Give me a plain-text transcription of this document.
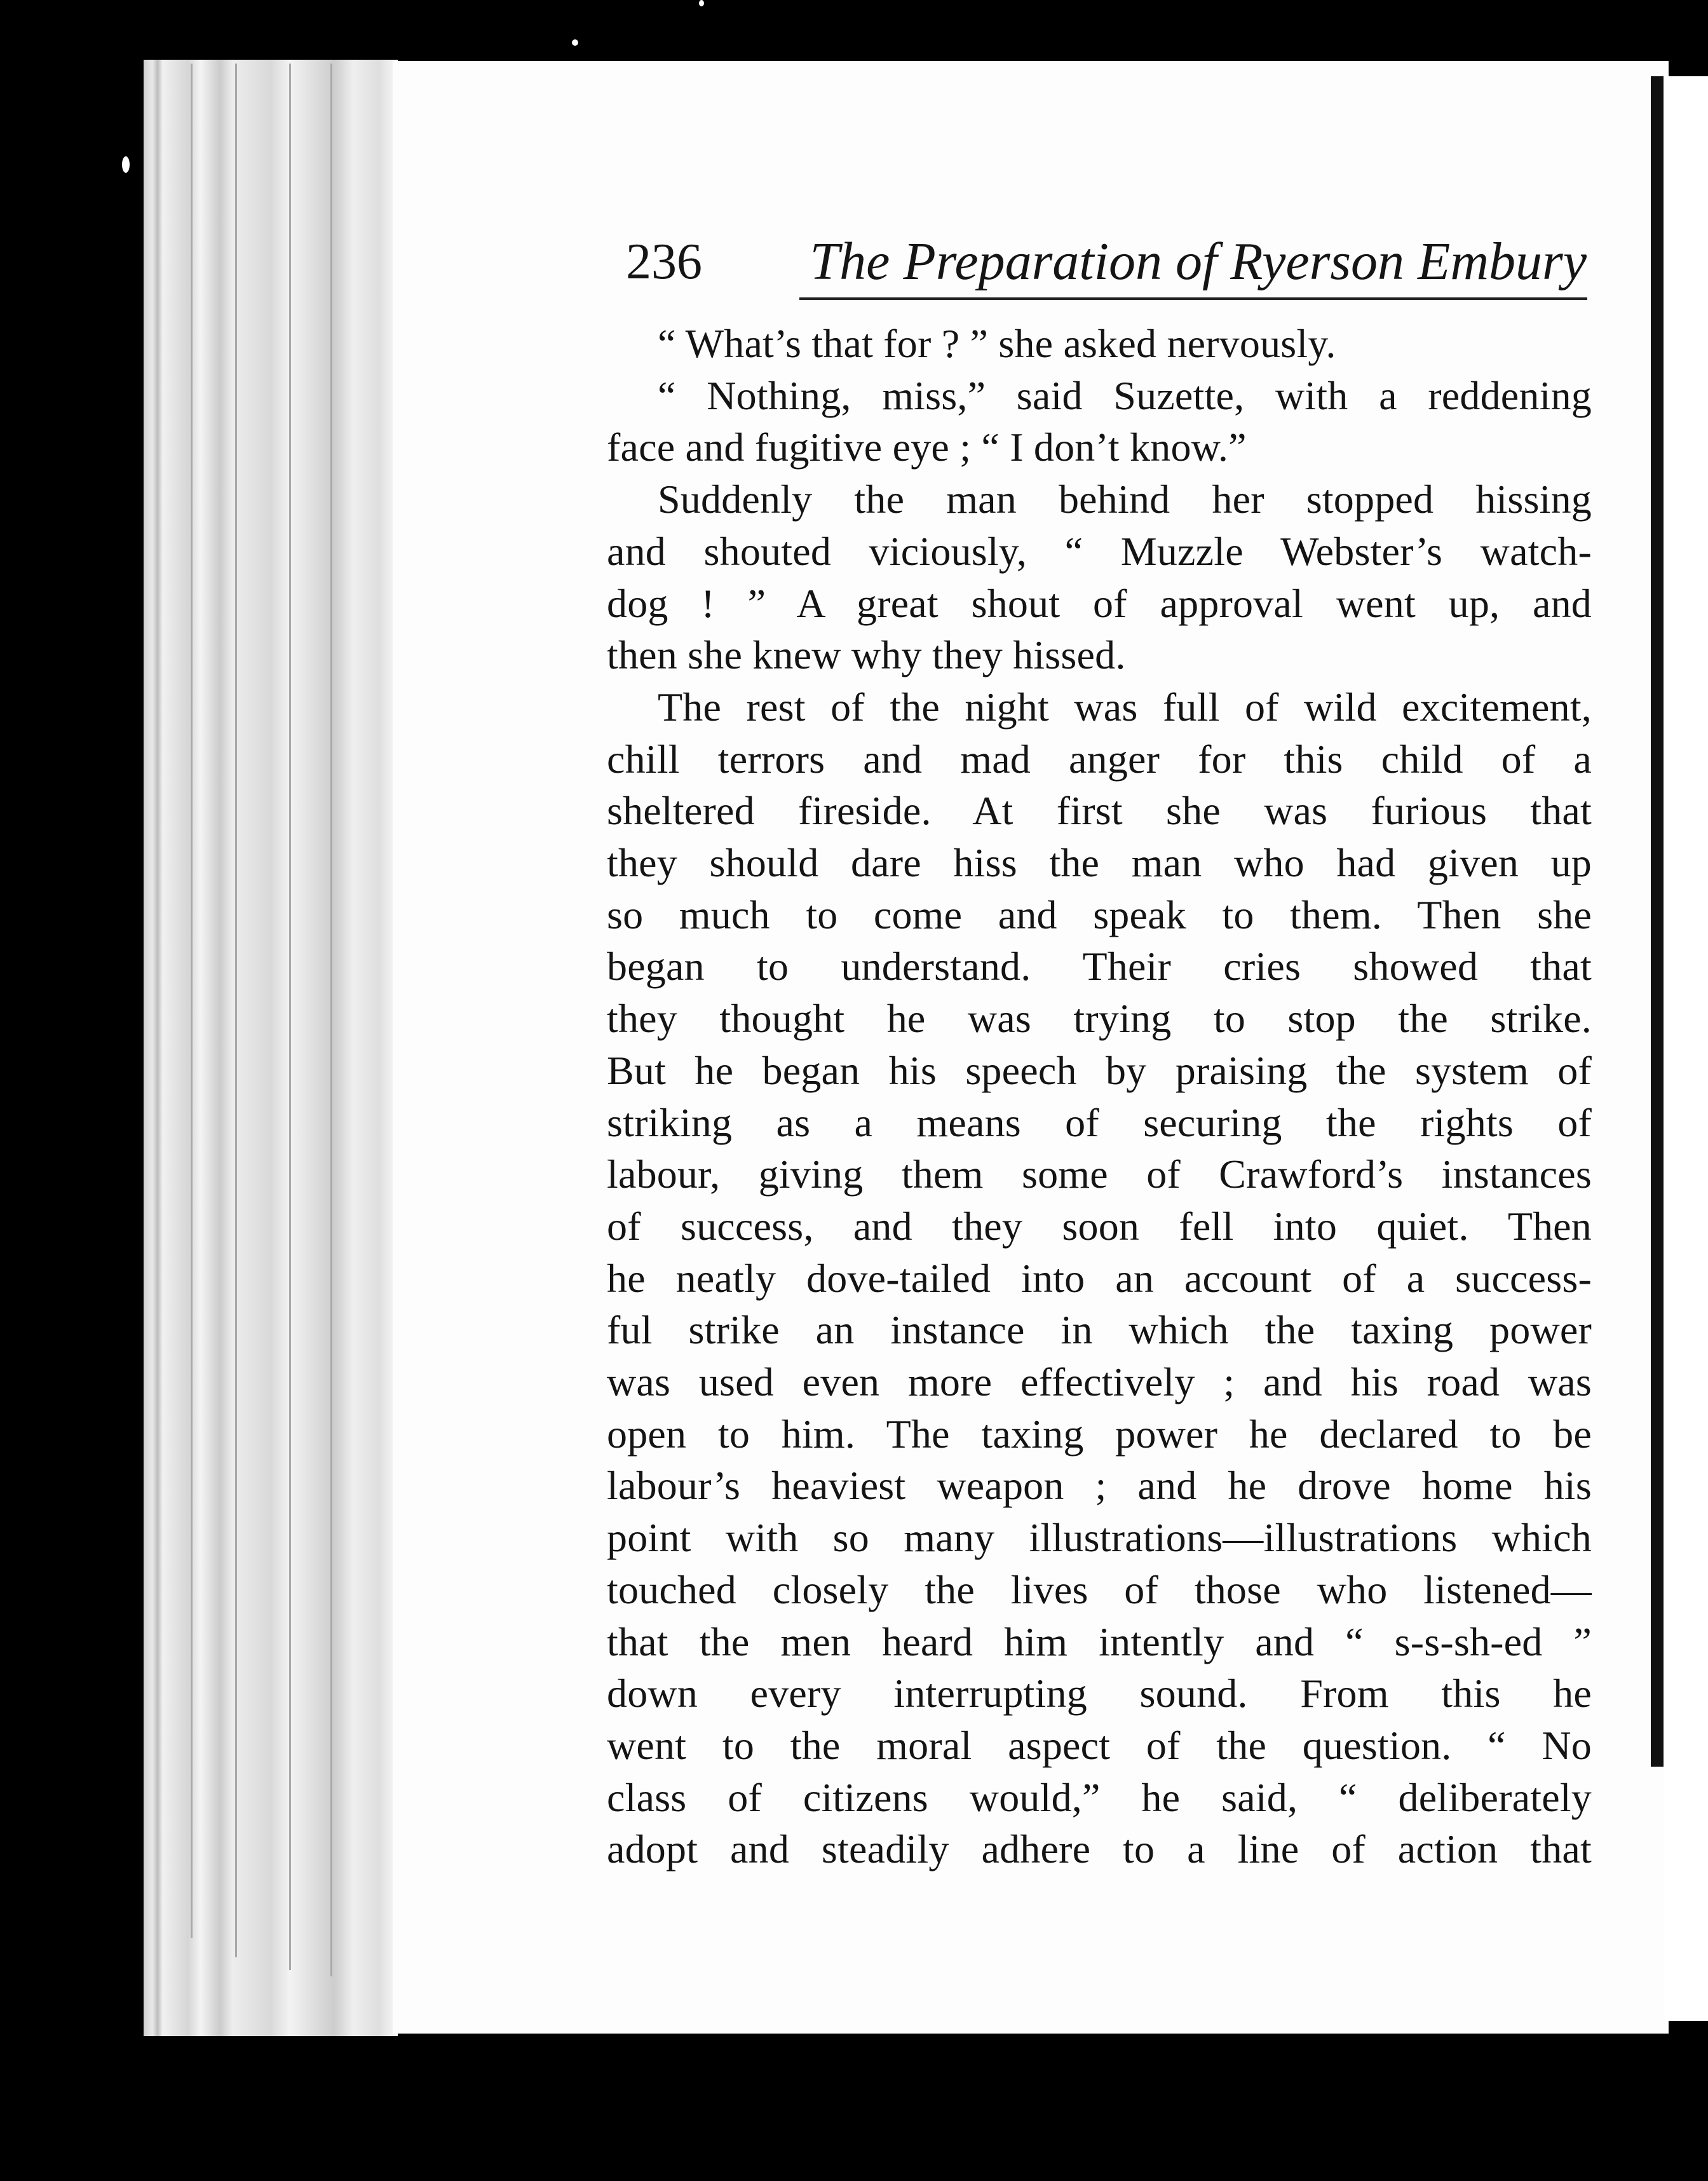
236 The Preparation of Ryerson Embury
“ What’s that for ? ” she asked nervously.
“ Nothing, miss,” said Suzette, with a reddening
face and fugitive eye ; “ I don’t know.”
Suddenly the man behind her stopped hissing
and shouted viciously, “ Muzzle Webster’s watch-
dog ! ” A great shout of approval went up, and
then she knew why they hissed.
The rest of the night was full of wild excitement,
chill terrors and mad anger for this child of a
sheltered fireside. At first she was furious that
they should dare hiss the man who had given up
so much to come and speak to them. Then she
began to understand. Their cries showed that
they thought he was trying to stop the strike.
But he began his speech by praising the system of
striking as a means of securing the rights of
labour, giving them some of Crawford’s instances
of success, and they soon fell into quiet. Then
he neatly dove-tailed into an account of a success-
ful strike an instance in which the taxing power
was used even more effectively ; and his road was
open to him. The taxing power he declared to be
labour’s heaviest weapon ; and he drove home his
point with so many illustrations—illustrations which
touched closely the lives of those who listened—
that the men heard him intently and “ s-s-sh-ed ”
down every interrupting sound. From this he
went to the moral aspect of the question. “ No
class of citizens would,” he said, “ deliberately
adopt and steadily adhere to a line of action that
